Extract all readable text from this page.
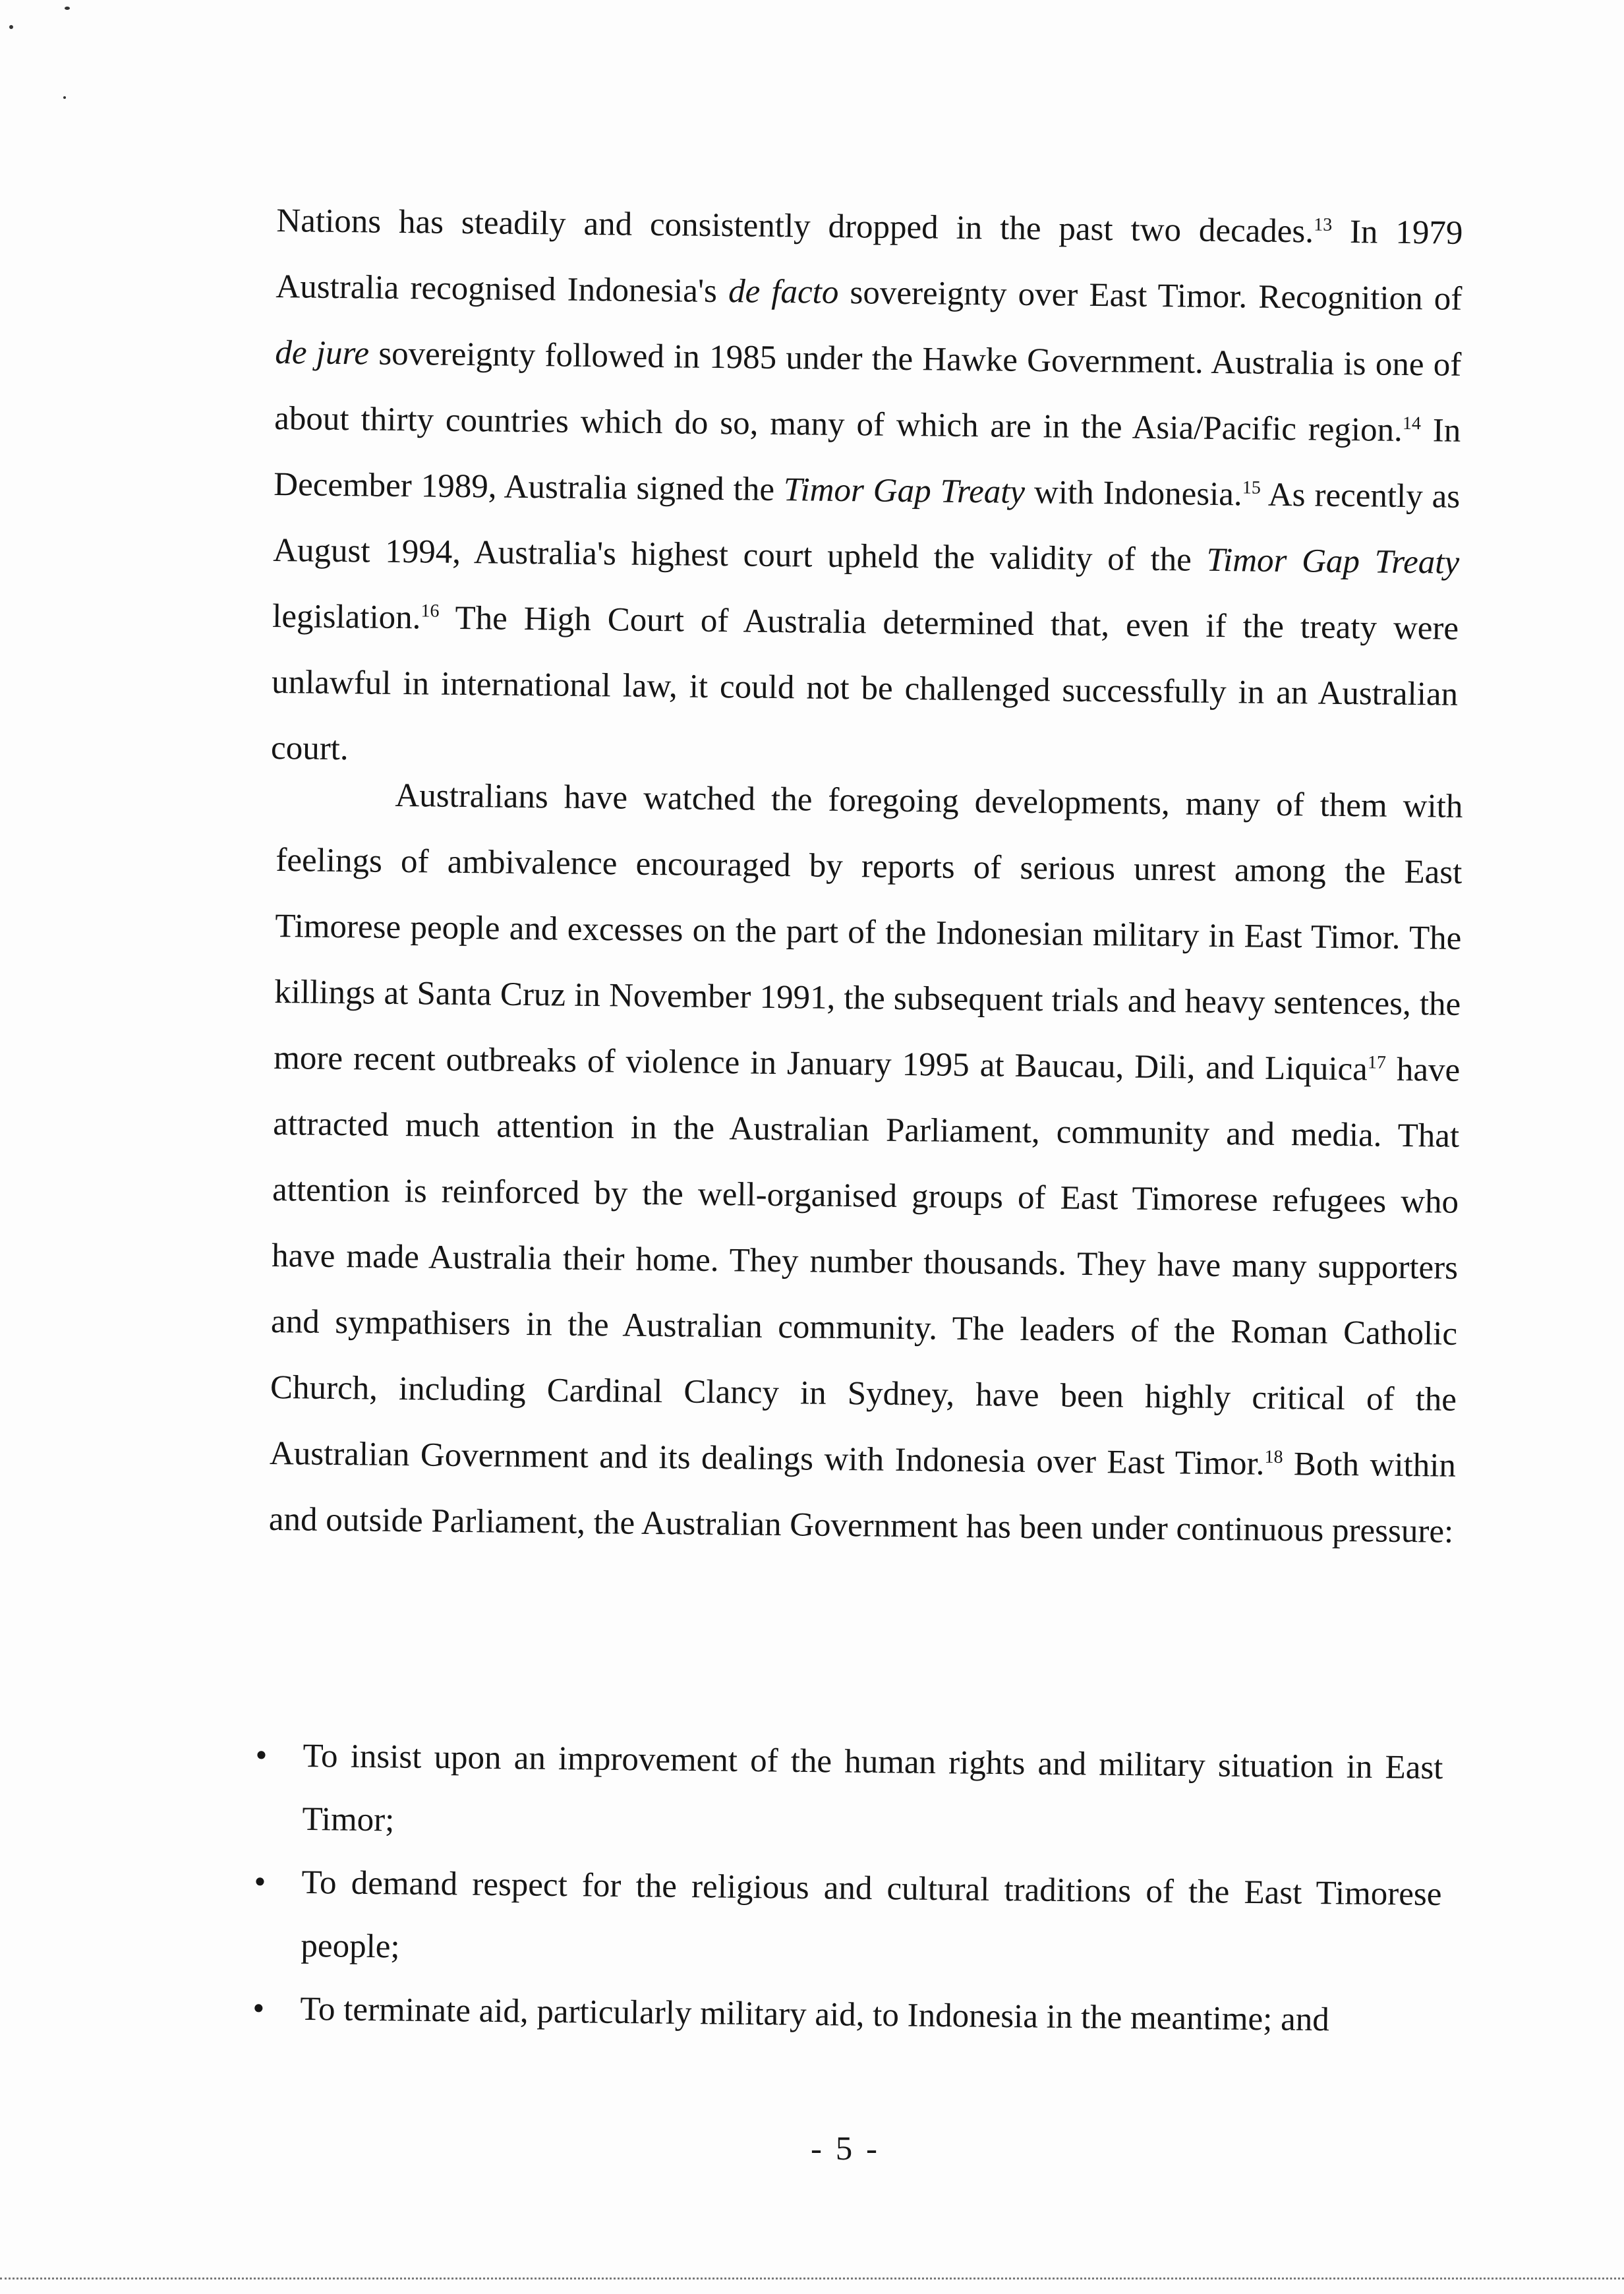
Nations has steadily and consistently dropped in the past two decades.$^{13}$ In 1979 Australia recognised Indonesia's de facto sovereignty over East Timor. Recognition of de jure sovereignty followed in 1985 under the Hawke Government. Australia is one of about thirty countries which do so, many of which are in the Asia/Pacific region.$^{14}$ In December 1989, Australia signed the Timor Gap Treaty with Indonesia.$^{15}$ As recently as August 1994, Australia's highest court upheld the validity of the Timor Gap Treaty legislation.$^{16}$ The High Court of Australia determined that, even if the treaty were unlawful in international law, it could not be challenged successfully in an Australian court.

Australians have watched the foregoing developments, many of them with feelings of ambivalence encouraged by reports of serious unrest among the East Timorese people and excesses on the part of the Indonesian military in East Timor. The killings at Santa Cruz in November 1991, the subsequent trials and heavy sentences, the more recent outbreaks of violence in January 1995 at Baucau, Dili, and Liquica$^{17}$ have attracted much attention in the Australian Parliament, community and media. That attention is reinforced by the well-organised groups of East Timorese refugees who have made Australia their home. They number thousands. They have many supporters and sympathisers in the Australian community. The leaders of the Roman Catholic Church, including Cardinal Clancy in Sydney, have been highly critical of the Australian Government and its dealings with Indonesia over East Timor.$^{18}$ Both within and outside Parliament, the Australian Government has been under continuous pressure:

• To insist upon an improvement of the human rights and military situation in East Timor;
• To demand respect for the religious and cultural traditions of the East Timorese people;
• To terminate aid, particularly military aid, to Indonesia in the meantime; and
- 5 -
